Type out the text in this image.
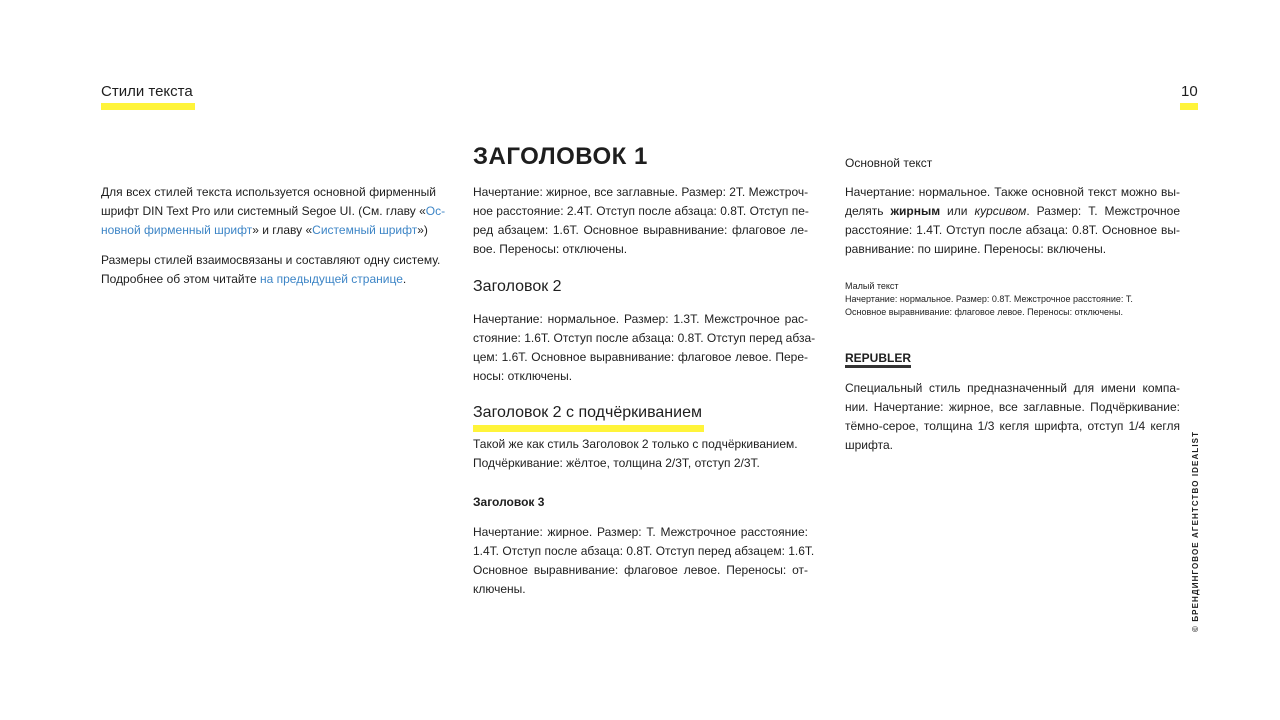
Стили текста	10
Для всех стилей текста используется основной фирменный
шрифт DIN Text Pro или системный Segoe UI. (См. главу «Ос-
новной фирменный шрифт» и главу «Системный шрифт»)
Размеры стилей взаимосвязаны и составляют одну систему.
Подробнее об этом читайте на предыдущей странице.
ЗАГОЛОВОК 1
Начертание: жирное, все заглавные. Размер: 2Т. Межстроч-
ное расстояние: 2.4Т. Отступ после абзаца: 0.8Т. Отступ пе-
ред абзацем: 1.6Т. Основное выравнивание: флаговое ле-
вое. Переносы: отключены.
Заголовок 2
Начертание: нормальное. Размер: 1.3Т. Межстрочное рас-
стояние: 1.6Т. Отступ после абзаца: 0.8Т. Отступ перед абза-
цем: 1.6Т. Основное выравнивание: флаговое левое. Пере-
носы: отключены.
Заголовок 2 с подчёркиванием
Такой же как стиль Заголовок 2 только с подчёркиванием.
Подчёркивание: жёлтое, толщина 2/3Т, отступ 2/3Т.
Заголовок 3
Начертание: жирное. Размер: Т. Межстрочное расстояние:
1.4Т. Отступ после абзаца: 0.8Т. Отступ перед абзацем: 1.6Т.
Основное выравнивание: флаговое левое. Переносы: от-
ключены.
Основной текст
Начертание: нормальное. Также основной текст можно вы-
делять жирным или курсивом. Размер: Т. Межстрочное
расстояние: 1.4Т. Отступ после абзаца: 0.8Т. Основное вы-
равнивание: по ширине. Переносы: включены.
Малый текст
Начертание: нормальное. Размер: 0.8Т. Межстрочное расстояние: Т.
Основное выравнивание: флаговое левое. Переносы: отключены.
REPUBLER
Специальный стиль предназначенный для имени компа-
нии. Начертание: жирное, все заглавные. Подчёркивание:
тёмно-серое, толщина 1/3 кегля шрифта, отступ 1/4 кегля
шрифта.	© БРЕНДИНГОВОЕ АГЕНТСТВО IDEALIST
